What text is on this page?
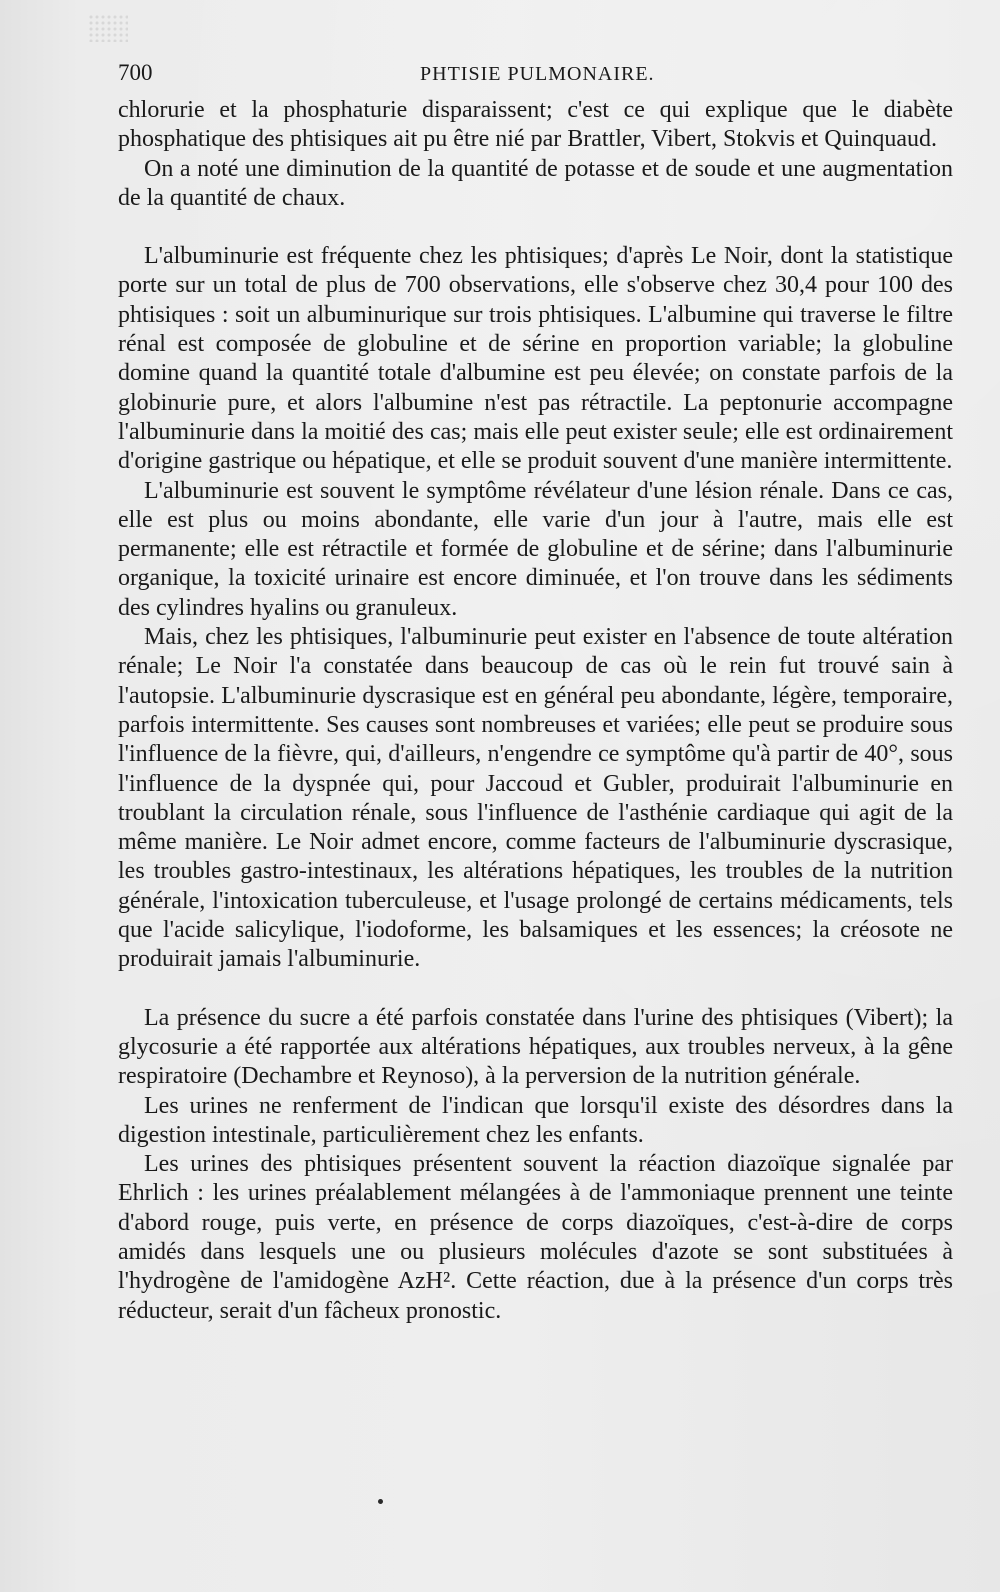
700	PHTISIE PULMONAIRE.

chlorurie et la phosphaturie disparaissent; c'est ce qui explique que le diabète phosphatique des phtisiques ait pu être nié par Brattler, Vibert, Stokvis et Quinquaud.

On a noté une diminution de la quantité de potasse et de soude et une augmentation de la quantité de chaux.

L'albuminurie est fréquente chez les phtisiques; d'après Le Noir, dont la statistique porte sur un total de plus de 700 observations, elle s'observe chez 30,4 pour 100 des phtisiques : soit un albuminurique sur trois phtisiques. L'albumine qui traverse le filtre rénal est composée de globuline et de sérine en proportion variable; la globuline domine quand la quantité totale d'albumine est peu élevée; on constate parfois de la globinurie pure, et alors l'albumine n'est pas rétractile. La peptonurie accompagne l'albuminurie dans la moitié des cas; mais elle peut exister seule; elle est ordinairement d'origine gastrique ou hépatique, et elle se produit souvent d'une manière intermittente.

L'albuminurie est souvent le symptôme révélateur d'une lésion rénale. Dans ce cas, elle est plus ou moins abondante, elle varie d'un jour à l'autre, mais elle est permanente; elle est rétractile et formée de globuline et de sérine; dans l'albuminurie organique, la toxicité urinaire est encore diminuée, et l'on trouve dans les sédiments des cylindres hyalins ou granuleux.

Mais, chez les phtisiques, l'albuminurie peut exister en l'absence de toute altération rénale; Le Noir l'a constatée dans beaucoup de cas où le rein fut trouvé sain à l'autopsie. L'albuminurie dyscrasique est en général peu abondante, légère, temporaire, parfois intermittente. Ses causes sont nombreuses et variées; elle peut se produire sous l'influence de la fièvre, qui, d'ailleurs, n'engendre ce symptôme qu'à partir de 40°, sous l'influence de la dyspnée qui, pour Jaccoud et Gubler, produirait l'albuminurie en troublant la circulation rénale, sous l'influence de l'asthénie cardiaque qui agit de la même manière. Le Noir admet encore, comme facteurs de l'albuminurie dyscrasique, les troubles gastro-intestinaux, les altérations hépatiques, les troubles de la nutrition générale, l'intoxication tuberculeuse, et l'usage prolongé de certains médicaments, tels que l'acide salicylique, l'iodoforme, les balsamiques et les essences; la créosote ne produirait jamais l'albuminurie.

La présence du sucre a été parfois constatée dans l'urine des phtisiques (Vibert); la glycosurie a été rapportée aux altérations hépatiques, aux troubles nerveux, à la gêne respiratoire (Dechambre et Reynoso), à la perversion de la nutrition générale.

Les urines ne renferment de l'indican que lorsqu'il existe des désordres dans la digestion intestinale, particulièrement chez les enfants.

Les urines des phtisiques présentent souvent la réaction diazoïque signalée par Ehrlich : les urines préalablement mélangées à de l'ammoniaque prennent une teinte d'abord rouge, puis verte, en présence de corps diazoïques, c'est-à-dire de corps amidés dans lesquels une ou plusieurs molécules d'azote se sont substituées à l'hydrogène de l'amidogène AzH². Cette réaction, due à la présence d'un corps très réducteur, serait d'un fâcheux pronostic.
